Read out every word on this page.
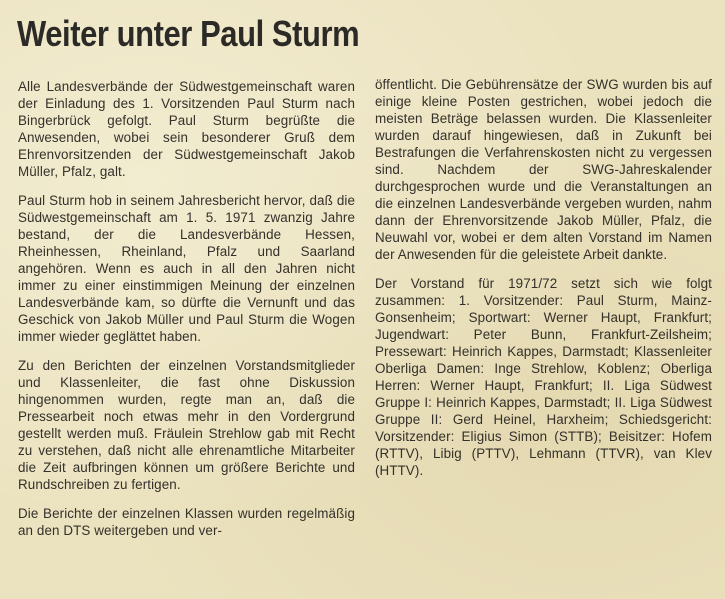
Weiter unter Paul Sturm

Alle Landesverbände der Südwestgemeinschaft waren der Einladung des 1. Vorsitzenden Paul Sturm nach Bingerbrück gefolgt. Paul Sturm begrüßte die Anwesenden, wobei sein besonderer Gruß dem Ehrenvorsitzenden der Südwestgemeinschaft Jakob Müller, Pfalz, galt.

Paul Sturm hob in seinem Jahresbericht hervor, daß die Südwestgemeinschaft am 1. 5. 1971 zwanzig Jahre bestand, der die Landesverbände Hessen, Rheinhessen, Rheinland, Pfalz und Saarland angehören. Wenn es auch in all den Jahren nicht immer zu einer einstimmigen Meinung der einzelnen Landesverbände kam, so dürfte die Vernunft und das Geschick von Jakob Müller und Paul Sturm die Wogen immer wieder geglättet haben.

Zu den Berichten der einzelnen Vorstandsmitglieder und Klassenleiter, die fast ohne Diskussion hingenommen wurden, regte man an, daß die Pressearbeit noch etwas mehr in den Vordergrund gestellt werden muß. Fräulein Strehlow gab mit Recht zu verstehen, daß nicht alle ehrenamtliche Mitarbeiter die Zeit aufbringen können um größere Berichte und Rundschreiben zu fertigen.

Die Berichte der einzelnen Klassen wurden regelmäßig an den DTS weitergeben und ver-

öffentlicht. Die Gebührensätze der SWG wurden bis auf einige kleine Posten gestrichen, wobei jedoch die meisten Beträge belassen wurden. Die Klassenleiter wurden darauf hingewiesen, daß in Zukunft bei Bestrafungen die Verfahrenskosten nicht zu vergessen sind. Nachdem der SWG-Jahreskalender durchgesprochen wurde und die Veranstaltungen an die einzelnen Landesverbände vergeben wurden, nahm dann der Ehrenvorsitzende Jakob Müller, Pfalz, die Neuwahl vor, wobei er dem alten Vorstand im Namen der Anwesenden für die geleistete Arbeit dankte.

Der Vorstand für 1971/72 setzt sich wie folgt zusammen: 1. Vorsitzender: Paul Sturm, Mainz-Gonsenheim; Sportwart: Werner Haupt, Frankfurt; Jugendwart: Peter Bunn, Frankfurt-Zeilsheim; Pressewart: Heinrich Kappes, Darmstadt; Klassenleiter Oberliga Damen: Inge Strehlow, Koblenz; Oberliga Herren: Werner Haupt, Frankfurt; II. Liga Südwest Gruppe I: Heinrich Kappes, Darmstadt; II. Liga Südwest Gruppe II: Gerd Heinel, Harxheim; Schiedsgericht: Vorsitzender: Eligius Simon (STTB); Beisitzer: Hofem (RTTV), Libig (PTTV), Lehmann (TTVR), van Klev (HTTV).
